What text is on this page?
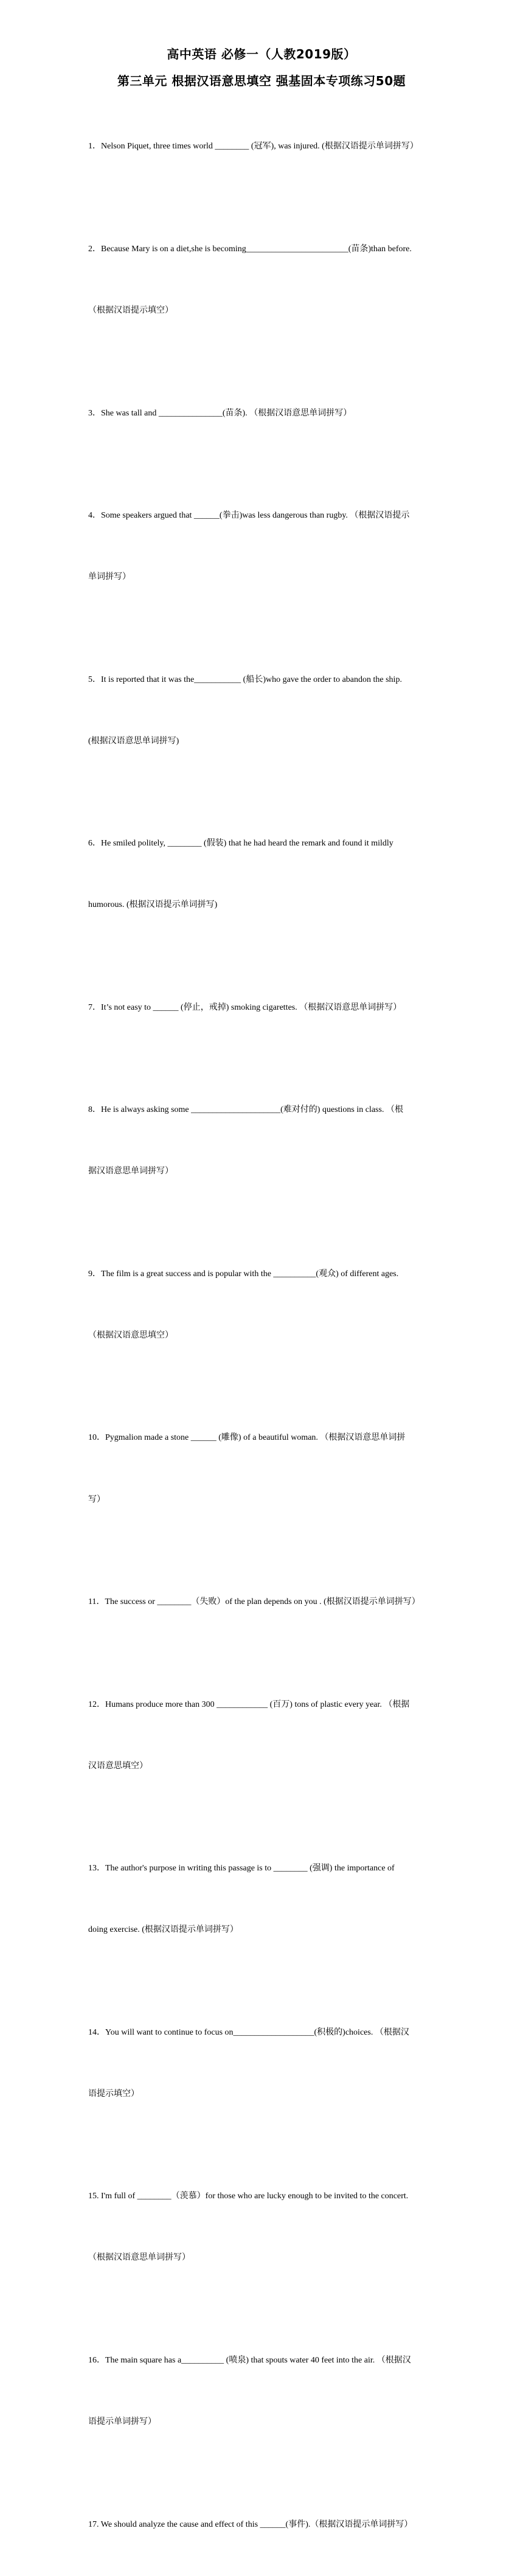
高中英语 必修一（人教2019版）
第三单元 根据汉语意思填空 强基固本专项练习50题

1．Nelson Piquet, three times world ________ (冠军), was injured. (根据汉语提示单词拼写）

2．Because Mary is on a diet,she is becoming________________________(苗条)than before.

（根据汉语提示填空）

3．She was tall and _______________(苗条). （根据汉语意思单词拼写）

4．Some speakers argued that ______(拳击)was less dangerous than rugby. （根据汉语提示

单词拼写）

5．It is reported that it was the___________ (船长)who gave the order to abandon the ship.

(根据汉语意思单词拼写)

6．He smiled politely, ________ (假装) that he had heard the remark and found it mildly

humorous. (根据汉语提示单词拼写)

7．It’s not easy to ______ (停止，戒掉) smoking cigarettes. （根据汉语意思单词拼写）

8．He is always asking some _____________________(难对付的) questions in class. （根

据汉语意思单词拼写）

9．The film is a great success and is popular with the __________(观众) of different ages.

（根据汉语意思填空）

10．Pygmalion made a stone ______ (雕像) of a beautiful woman. （根据汉语意思单词拼

写）

11．The success or ________（失败）of the plan depends on you . (根据汉语提示单词拼写）

12．Humans produce more than 300 ____________ (百万) tons of plastic every year. （根据

汉语意思填空）

13．The author's purpose in writing this passage is to ________ (强调) the importance of

doing exercise. (根据汉语提示单词拼写）

14．You will want to continue to focus on___________________(积极的)choices. （根据汉

语提示填空）

15. I'm full of ________（羡慕）for those who are lucky enough to be invited to the concert.

（根据汉语意思单词拼写）

16．The main square has a__________ (喷泉) that spouts water 40 feet into the air. （根据汉

语提示单词拼写）

17. We should analyze the cause and effect of this ______(事件).（根据汉语提示单词拼写）
